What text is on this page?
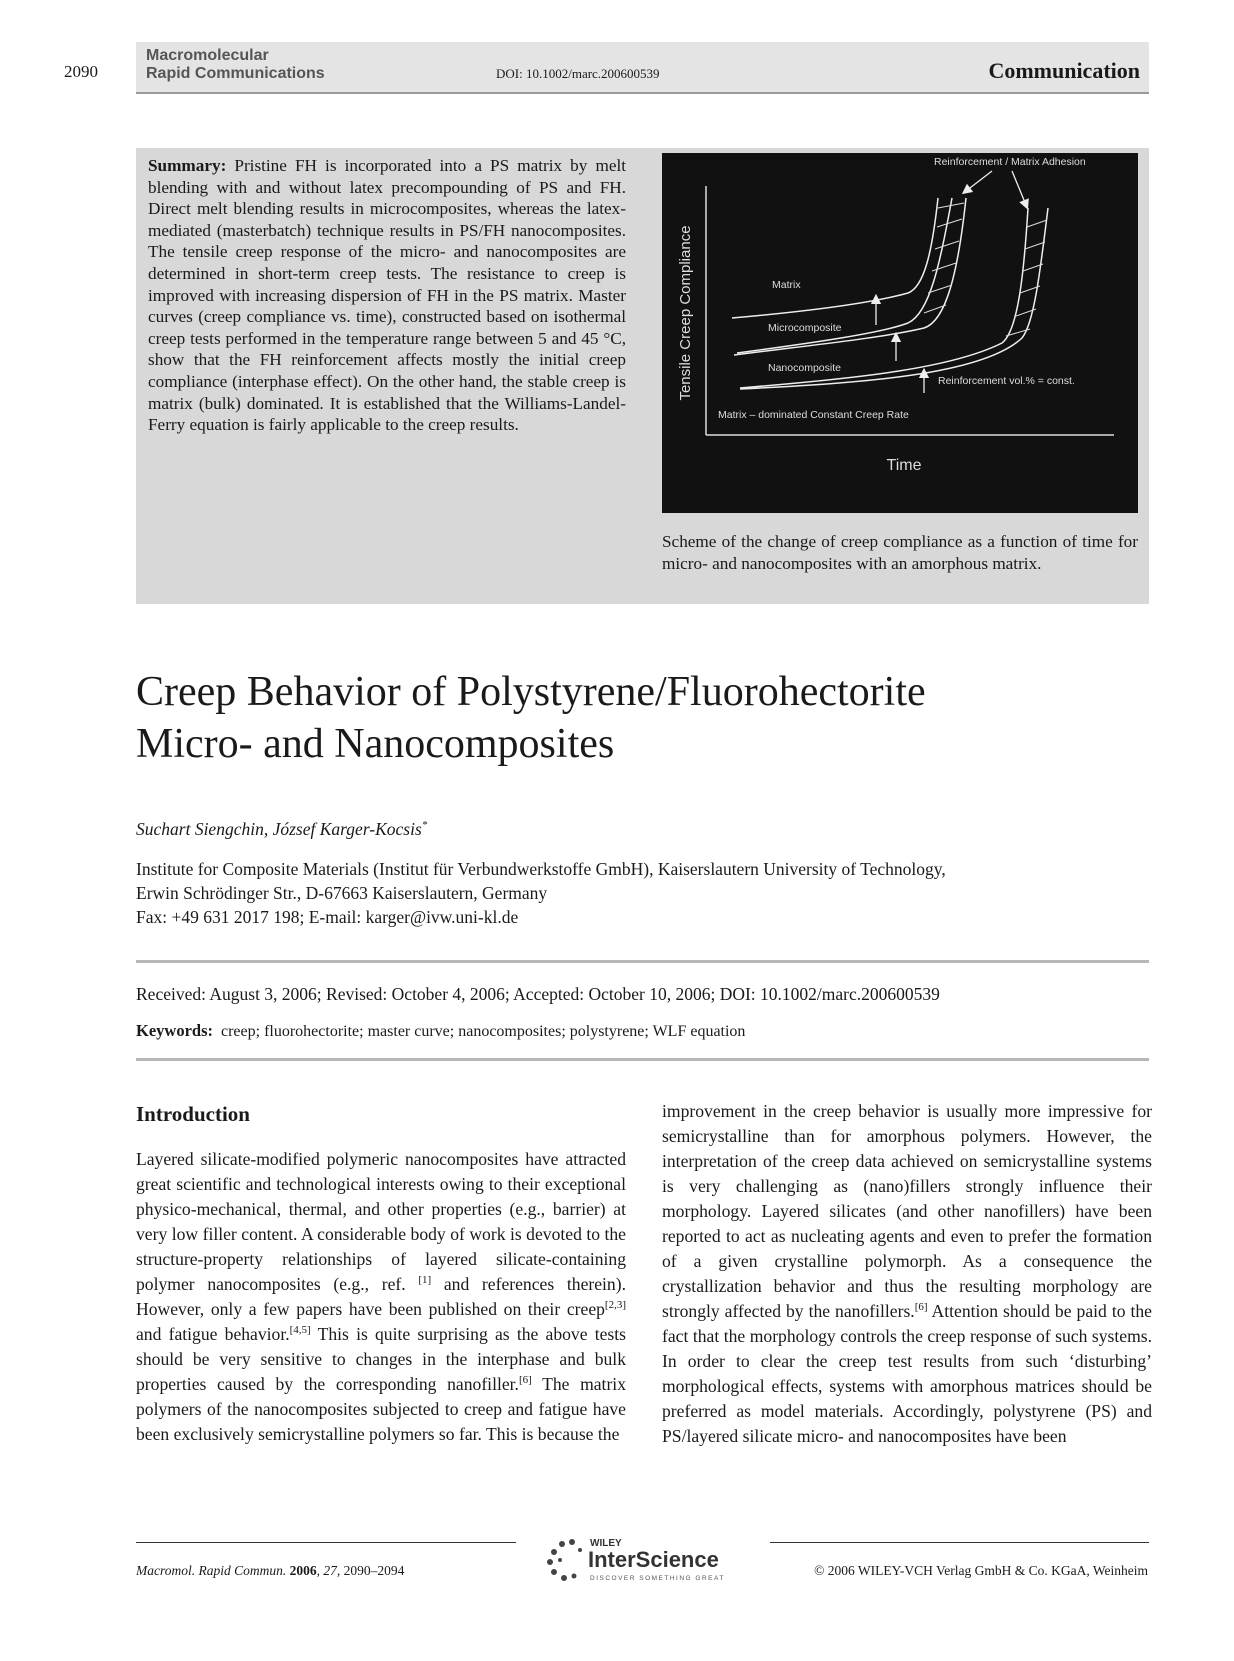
2090
Macromolecular
Rapid Communications	DOI: 10.1002/marc.200600539	Communication
Summary: Pristine FH is incorporated into a PS matrix by melt blending with and without latex precompounding of PS and FH. Direct melt blending results in microcomposites, whereas the latex-mediated (masterbatch) technique results in PS/FH nanocomposites. The tensile creep response of the micro- and nanocomposites are determined in short-term creep tests. The resistance to creep is improved with increasing dispersion of FH in the PS matrix. Master curves (creep compliance vs. time), constructed based on isothermal creep tests performed in the temperature range between 5 and 45 °C, show that the FH reinforcement affects mostly the initial creep compliance (interphase effect). On the other hand, the stable creep is matrix (bulk) dominated. It is established that the Williams-Landel-Ferry equation is fairly applicable to the creep results.
Tensile Creep Compliance
Time
Reinforcement / Matrix Adhesion
Matrix
Microcomposite
Nanocomposite
Reinforcement vol.% = const.
Matrix – dominated Constant Creep Rate
Scheme of the change of creep compliance as a function of time for micro- and nanocomposites with an amorphous matrix.
Creep Behavior of Polystyrene/Fluorohectorite
Micro- and Nanocomposites
Suchart Siengchin, József Karger-Kocsis*
Institute for Composite Materials (Institut für Verbundwerkstoffe GmbH), Kaiserslautern University of Technology,
Erwin Schrödinger Str., D-67663 Kaiserslautern, Germany
Fax: +49 631 2017 198; E-mail: karger@ivw.uni-kl.de
Received: August 3, 2006; Revised: October 4, 2006; Accepted: October 10, 2006; DOI: 10.1002/marc.200600539
Keywords: creep; fluorohectorite; master curve; nanocomposites; polystyrene; WLF equation
Introduction
Layered silicate-modified polymeric nanocomposites have attracted great scientific and technological interests owing to their exceptional physico-mechanical, thermal, and other properties (e.g., barrier) at very low filler content. A considerable body of work is devoted to the structure-property relationships of layered silicate-containing polymer nanocomposites (e.g., ref. [1] and references therein). However, only a few papers have been published on their creep[2,3] and fatigue behavior.[4,5] This is quite surprising as the above tests should be very sensitive to changes in the interphase and bulk properties caused by the corresponding nanofiller.[6] The matrix polymers of the nanocomposites subjected to creep and fatigue have been exclusively semicrystalline polymers so far. This is because the
improvement in the creep behavior is usually more impressive for semicrystalline than for amorphous polymers. However, the interpretation of the creep data achieved on semicrystalline systems is very challenging as (nano)fillers strongly influence their morphology. Layered silicates (and other nanofillers) have been reported to act as nucleating agents and even to prefer the formation of a given crystalline polymorph. As a consequence the crystallization behavior and thus the resulting morphology are strongly affected by the nanofillers.[6] Attention should be paid to the fact that the morphology controls the creep response of such systems. In order to clear the creep test results from such ‘disturbing’ morphological effects, systems with amorphous matrices should be preferred as model materials. Accordingly, polystyrene (PS) and PS/layered silicate micro- and nanocomposites have been
Macromol. Rapid Commun. 2006, 27, 2090–2094
WILEY
InterScience
DISCOVER SOMETHING GREAT
© 2006 WILEY-VCH Verlag GmbH & Co. KGaA, Weinheim
